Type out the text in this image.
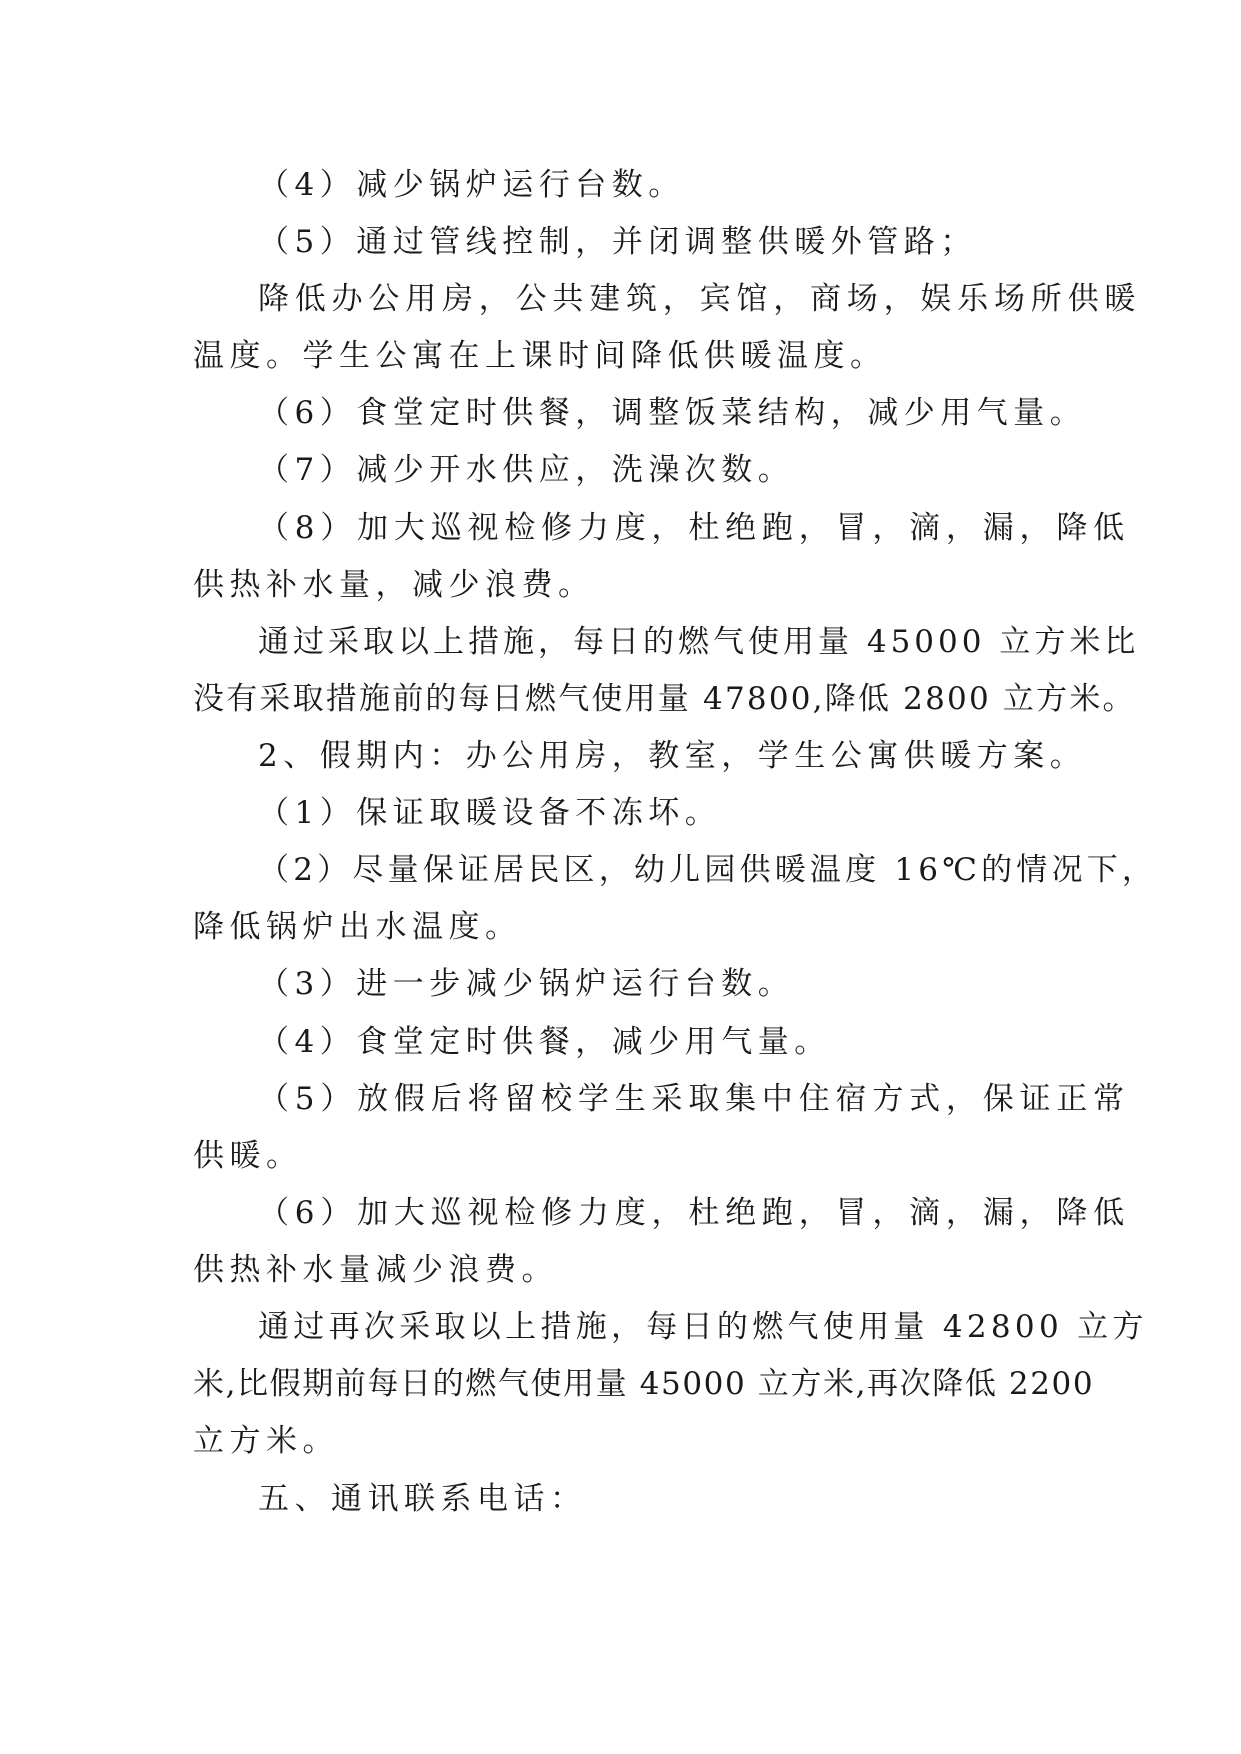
（4）减少锅炉运行台数。
（5）通过管线控制，并闭调整供暖外管路；
降低办公用房，公共建筑，宾馆，商场，娱乐场所供暖
温度。学生公寓在上课时间降低供暖温度。
（6）食堂定时供餐，调整饭菜结构，减少用气量。
（7）减少开水供应，洗澡次数。
（8）加大巡视检修力度，杜绝跑，冒，滴，漏，降低
供热补水量，减少浪费。
通过采取以上措施，每日的燃气使用量 45000 立方米比
没有采取措施前的每日燃气使用量 47800,降低 2800 立方米。
2、假期内：办公用房，教室，学生公寓供暖方案。
（1）保证取暖设备不冻坏。
（2）尽量保证居民区，幼儿园供暖温度 16℃的情况下，
降低锅炉出水温度。
（3）进一步减少锅炉运行台数。
（4）食堂定时供餐，减少用气量。
（5）放假后将留校学生采取集中住宿方式，保证正常
供暖。
（6）加大巡视检修力度，杜绝跑，冒，滴，漏，降低
供热补水量减少浪费。
通过再次采取以上措施，每日的燃气使用量 42800 立方
米,比假期前每日的燃气使用量 45000 立方米,再次降低 2200
立方米。
五、通讯联系电话：
